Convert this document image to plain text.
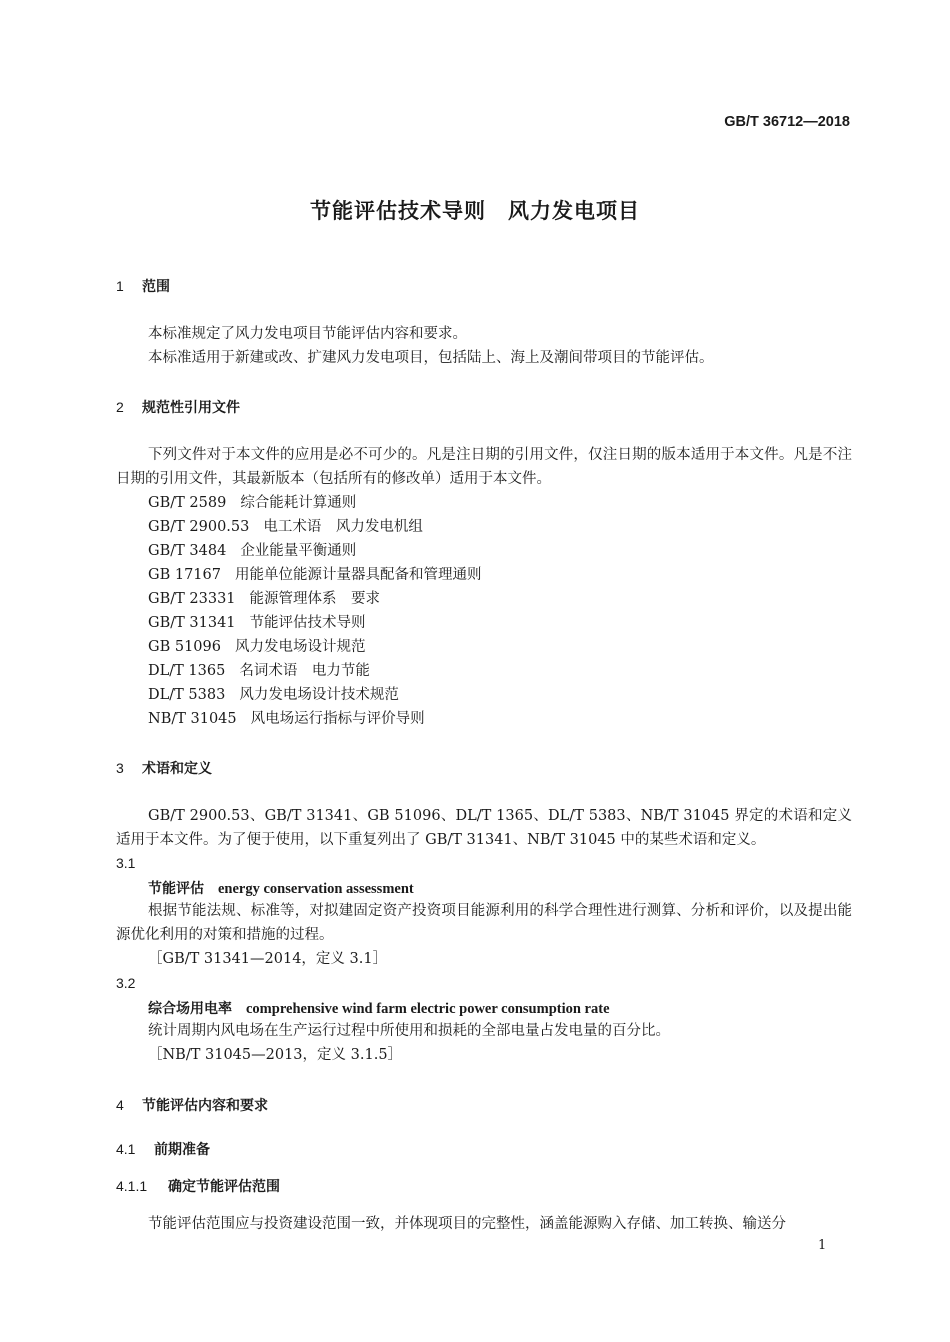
GB/T 36712—2018
节能评估技术导则　风力发电项目
1 范围
本标准规定了风力发电项目节能评估内容和要求。
本标准适用于新建或改、扩建风力发电项目，包括陆上、海上及潮间带项目的节能评估。
2 规范性引用文件
下列文件对于本文件的应用是必不可少的。凡是注日期的引用文件，仅注日期的版本适用于本文件。凡是不注日期的引用文件，其最新版本（包括所有的修改单）适用于本文件。
GB/T 2589 综合能耗计算通则
GB/T 2900.53 电工术语　风力发电机组
GB/T 3484 企业能量平衡通则
GB 17167 用能单位能源计量器具配备和管理通则
GB/T 23331 能源管理体系　要求
GB/T 31341 节能评估技术导则
GB 51096 风力发电场设计规范
DL/T 1365 名词术语　电力节能
DL/T 5383 风力发电场设计技术规范
NB/T 31045 风电场运行指标与评价导则
3 术语和定义
GB/T 2900.53、GB/T 31341、GB 51096、DL/T 1365、DL/T 5383、NB/T 31045 界定的术语和定义适用于本文件。为了便于使用，以下重复列出了 GB/T 31341、NB/T 31045 中的某些术语和定义。
3.1
节能评估 energy conservation assessment
根据节能法规、标准等，对拟建固定资产投资项目能源利用的科学合理性进行测算、分析和评价，以及提出能源优化利用的对策和措施的过程。
［GB/T 31341—2014，定义 3.1］
3.2
综合场用电率 comprehensive wind farm electric power consumption rate
统计周期内风电场在生产运行过程中所使用和损耗的全部电量占发电量的百分比。
［NB/T 31045—2013，定义 3.1.5］
4 节能评估内容和要求
4.1 前期准备
4.1.1 确定节能评估范围
节能评估范围应与投资建设范围一致，并体现项目的完整性，涵盖能源购入存储、加工转换、输送分
1
